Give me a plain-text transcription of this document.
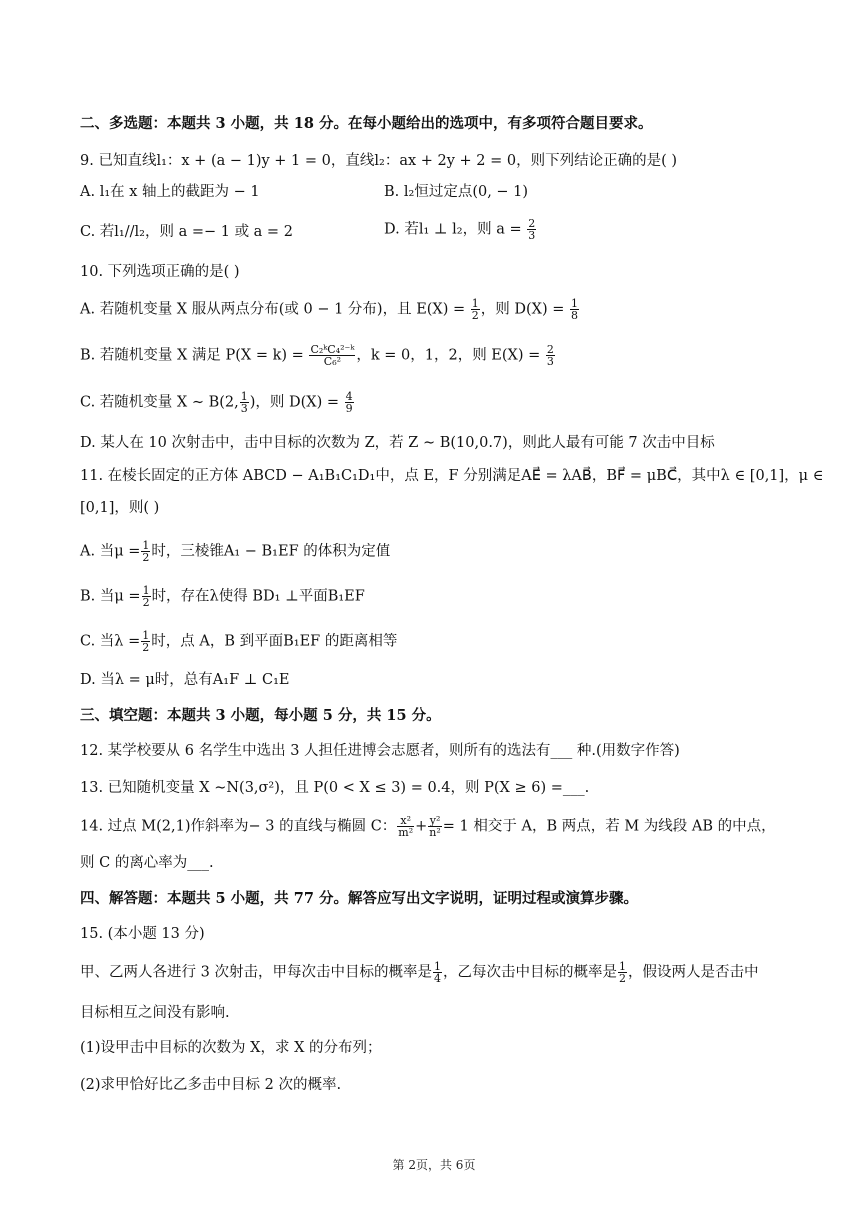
二、多选题：本题共 3 小题，共 18 分。在每小题给出的选项中，有多项符合题目要求。
9. 已知直线l₁：x + (a − 1)y + 1 = 0，直线l₂：ax + 2y + 2 = 0，则下列结论正确的是( )
A. l₁在 x 轴上的截距为 − 1	B. l₂恒过定点(0, − 1)
C. 若l₁//l₂，则 a =− 1 或 a = 2	D. 若l₁ ⊥ l₂，则 $a = \frac{2}{3}$
10. 下列选项正确的是( )
A. 若随机变量 X 服从两点分布(或 0 − 1 分布)，且 $E(X) = \frac{1}{2}$ ，则 $D(X) = \frac{1}{8}$
B. 若随机变量 X 满足 $P(X = k) = \frac{\text{C₂ᵏC₄²⁻ᵏ}}{\text{C₆²}}$ ，k = 0，1，2，则 $E(X) = \frac{2}{3}$
C. 若随机变量 X ∼ B(2, $\frac{1}{3}$ )，则 $D(X) = \frac{4}{9}$
D. 某人在 10 次射击中，击中目标的次数为 Z，若 Z ∼ B(10,0.7)，则此人最有可能 7 次击中目标
11. 在棱长固定的正方体 ABCD − A₁B₁C₁D₁中，点 E，F 分别满足AE⃗ = λAB⃗，BF⃗ = μBC⃗，其中λ ∈ [0,1]，μ ∈
[0,1]，则( )
A. 当$\mu = \frac{1}{2}$ 时，三棱锥A₁ − B₁EF 的体积为定值
B. 当$\mu = \frac{1}{2}$ 时，存在λ使得 BD₁ ⊥平面B₁EF
C. 当$\lambda = \frac{1}{2}$ 时，点 A，B 到平面B₁EF 的距离相等
D. 当λ = μ时，总有A₁F ⊥ C₁E
三、填空题：本题共 3 小题，每小题 5 分，共 15 分。
12. 某学校要从 6 名学生中选出 3 人担任进博会志愿者，则所有的选法有___ 种.(用数字作答)
13. 已知随机变量 X ∼N(3,σ²)，且 P(0 < X ≤ 3) = 0.4，则 P(X ≥ 6) =___.
14. 过点 M(2,1)作斜率为− 3 的直线与椭圆 C： $\frac{\text{x²}}{\text{m²}} + \frac{\text{y²}}{\text{n²}} = 1$ 相交于 A，B 两点，若 M 为线段 AB 的中点，
则 C 的离心率为___.
四、解答题：本题共 5 小题，共 77 分。解答应写出文字说明，证明过程或演算步骤。
15. (本小题 13 分)
甲、乙两人各进行 3 次射击，甲每次击中目标的概率是 $\frac{1}{4}$ ，乙每次击中目标的概率是 $\frac{1}{2}$ ，假设两人是否击中
目标相互之间没有影响.
(1)设甲击中目标的次数为 X，求 X 的分布列；
(2)求甲恰好比乙多击中目标 2 次的概率.
第 2页，共 6页
